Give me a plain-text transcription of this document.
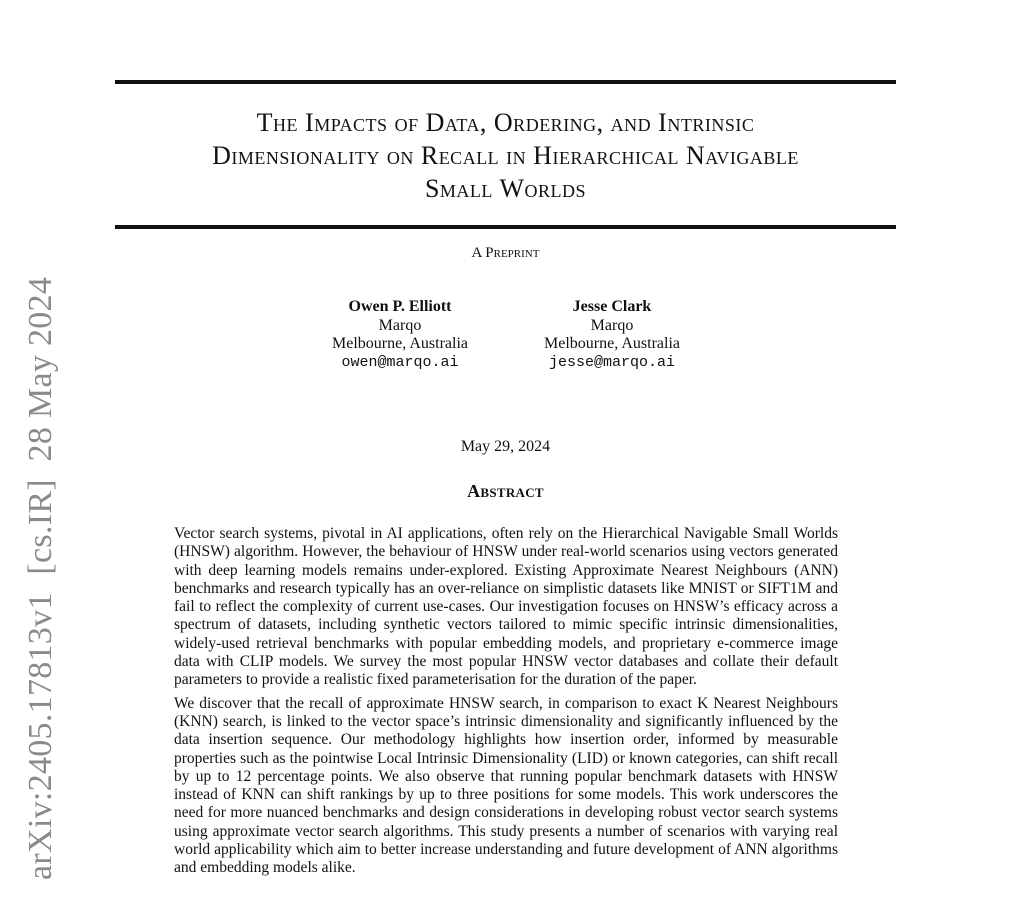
arXiv:2405.17813v1  [cs.IR]  28 May 2024
The Impacts of Data, Ordering, and Intrinsic
Dimensionality on Recall in Hierarchical Navigable
Small Worlds
A Preprint
Owen P. Elliott
Marqo
Melbourne, Australia
owen@marqo.ai
Jesse Clark
Marqo
Melbourne, Australia
jesse@marqo.ai
May 29, 2024
Abstract

Vector search systems, pivotal in AI applications, often rely on the Hierarchical Navigable Small Worlds (HNSW) algorithm. However, the behaviour of HNSW under real-world scenarios using vectors generated with deep learning models remains under-explored. Existing Approximate Nearest Neighbours (ANN) benchmarks and research typically has an over-reliance on simplistic datasets like MNIST or SIFT1M and fail to reflect the complexity of current use-cases. Our investigation focuses on HNSW’s efficacy across a spectrum of datasets, including synthetic vectors tailored to mimic specific intrinsic dimensionalities, widely-used retrieval benchmarks with popular embedding models, and proprietary e-commerce image data with CLIP models. We survey the most popular HNSW vector databases and collate their default parameters to provide a realistic fixed parameterisation for the duration of the paper.

We discover that the recall of approximate HNSW search, in comparison to exact K Nearest Neighbours (KNN) search, is linked to the vector space’s intrinsic dimensionality and significantly influenced by the data insertion sequence. Our methodology highlights how insertion order, informed by measurable properties such as the pointwise Local Intrinsic Dimensionality (LID) or known categories, can shift recall by up to 12 percentage points. We also observe that running popular benchmark datasets with HNSW instead of KNN can shift rankings by up to three positions for some models. This work underscores the need for more nuanced benchmarks and design considerations in developing robust vector search systems using approximate vector search algorithms. This study presents a number of scenarios with varying real world applicability which aim to better increase understanding and future development of ANN algorithms and embedding models alike.
